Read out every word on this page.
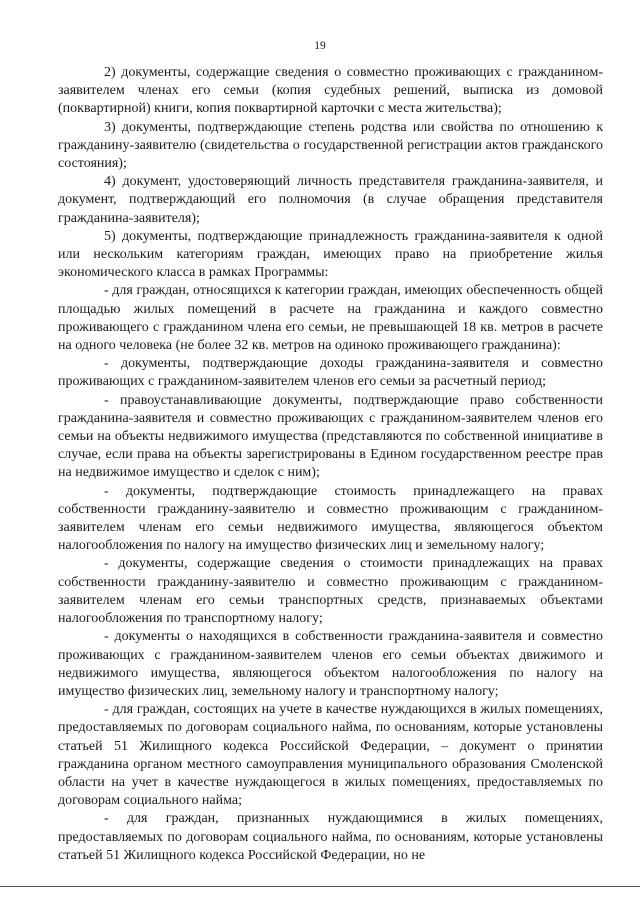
19

2) документы, содержащие сведения о совместно проживающих с гражданином-заявителем членах его семьи (копия судебных решений, выписка из домовой (поквартирной) книги, копия поквартирной карточки с места жительства);

3) документы, подтверждающие степень родства или свойства по отношению к гражданину-заявителю (свидетельства о государственной регистрации актов гражданского состояния);

4) документ, удостоверяющий личность представителя гражданина-заявителя, и документ, подтверждающий его полномочия (в случае обращения представителя гражданина-заявителя);

5) документы, подтверждающие принадлежность гражданина-заявителя к одной или нескольким категориям граждан, имеющих право на приобретение жилья экономического класса в рамках Программы:

- для граждан, относящихся к категории граждан, имеющих обеспеченность общей площадью жилых помещений в расчете на гражданина и каждого совместно проживающего с гражданином члена его семьи, не превышающей 18 кв. метров в расчете на одного человека (не более 32 кв. метров на одиноко проживающего гражданина):

- документы, подтверждающие доходы гражданина-заявителя и совместно проживающих с гражданином-заявителем членов его семьи за расчетный период;

- правоустанавливающие документы, подтверждающие право собственности гражданина-заявителя и совместно проживающих с гражданином-заявителем членов его семьи на объекты недвижимого имущества (представляются по собственной инициативе в случае, если права на объекты зарегистрированы в Едином государственном реестре прав на недвижимое имущество и сделок с ним);

- документы, подтверждающие стоимость принадлежащего на правах собственности гражданину-заявителю и совместно проживающим с гражданином-заявителем членам его семьи недвижимого имущества, являющегося объектом налогообложения по налогу на имущество физических лиц и земельному налогу;

- документы, содержащие сведения о стоимости принадлежащих на правах собственности гражданину-заявителю и совместно проживающим с гражданином-заявителем членам его семьи транспортных средств, признаваемых объектами налогообложения по транспортному налогу;

- документы о находящихся в собственности гражданина-заявителя и совместно проживающих с гражданином-заявителем членов его семьи объектах движимого и недвижимого имущества, являющегося объектом налогообложения по налогу на имущество физических лиц, земельному налогу и транспортному налогу;

- для граждан, состоящих на учете в качестве нуждающихся в жилых помещениях, предоставляемых по договорам социального найма, по основаниям, которые установлены статьей 51 Жилищного кодекса Российской Федерации, – документ о принятии гражданина органом местного самоуправления муниципального образования Смоленской области на учет в качестве нуждающегося в жилых помещениях, предоставляемых по договорам социального найма;

- для граждан, признанных нуждающимися в жилых помещениях, предоставляемых по договорам социального найма, по основаниям, которые установлены статьей 51 Жилищного кодекса Российской Федерации, но не
